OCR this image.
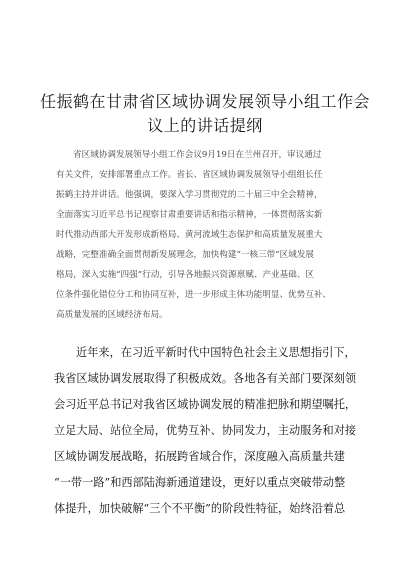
任振鹤在甘肃省区域协调发展领导小组工作会
议上的讲话提纲
省区域协调发展领导小组工作会议9月19日在兰州召开，审议通过
有关文件，安排部署重点工作。省长、省区域协调发展领导小组组长任
振鹤主持并讲话。他强调，要深入学习贯彻党的二十届三中全会精神，
全面落实习近平总书记视察甘肃重要讲话和指示精神，一体贯彻落实新
时代推动西部大开发形成新格局、黄河流域生态保护和高质量发展重大
战略，完整准确全面贯彻新发展理念，加快构建“一核三带”区域发展
格局，深入实施“四强”行动，引导各地振兴资源禀赋、产业基础、区
位条件强化错位分工和协同互补，进一步形成主体功能明显、优势互补、
高质量发展的区域经济布局。
近年来，在习近平新时代中国特色社会主义思想指引下，
我省区域协调发展取得了积极成效。各地各有关部门要深刻领
会习近平总书记对我省区域协调发展的精准把脉和期望嘱托，
立足大局、站位全局，优势互补、协同发力，主动服务和对接
区域协调发展战略，拓展跨省域合作，深度融入高质量共建
“一带一路”和西部陆海新通道建设，更好以重点突破带动整
体提升，加快破解“三个不平衡”的阶段性特征，始终沿着总
